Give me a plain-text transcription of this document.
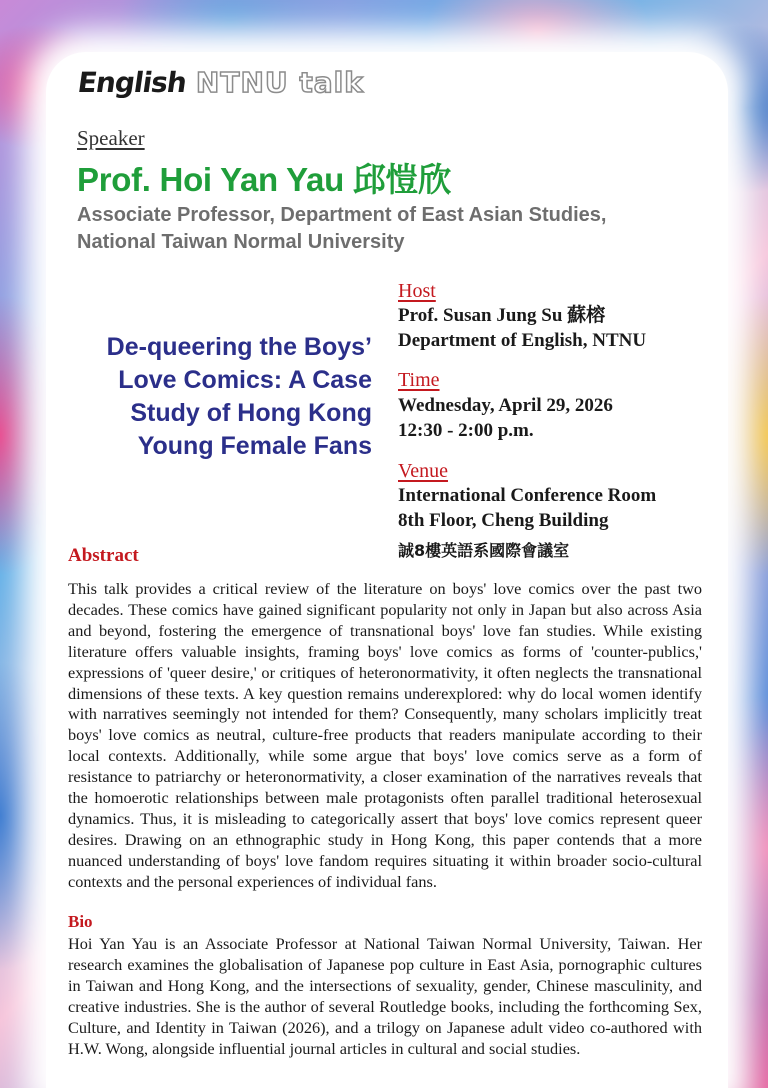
English NTNU talk
Speaker
Prof. Hoi Yan Yau 邱愷欣
Associate Professor, Department of East Asian Studies,
National Taiwan Normal University
De-queering the Boys’
Love Comics: A Case
Study of Hong Kong
Young Female Fans
Host
Prof. Susan Jung Su 蘇榕
Department of English, NTNU
Time
Wednesday, April 29, 2026
12:30 - 2:00 p.m.
Venue
International Conference Room
8th Floor, Cheng Building
誠8樓英語系國際會議室
Abstract

This talk provides a critical review of the literature on boys' love comics over the past two decades. These comics have gained significant popularity not only in Japan but also across Asia and beyond, fostering the emergence of transnational boys' love fan studies. While existing literature offers valuable insights, framing boys' love comics as forms of 'counter-publics,' expressions of 'queer desire,' or critiques of heteronormativity, it often neglects the transnational dimensions of these texts. A key question remains underexplored: why do local women identify with narratives seemingly not intended for them? Consequently, many scholars implicitly treat boys' love comics as neutral, culture-free products that readers manipulate according to their local contexts. Additionally, while some argue that boys' love comics serve as a form of resistance to patriarchy or heteronormativity, a closer examination of the narratives reveals that the homoerotic relationships between male protagonists often parallel traditional heterosexual dynamics. Thus, it is misleading to categorically assert that boys' love comics represent queer desires. Drawing on an ethnographic study in Hong Kong, this paper contends that a more nuanced understanding of boys' love fandom requires situating it within broader socio-cultural contexts and the personal experiences of individual fans.

Bio

Hoi Yan Yau is an Associate Professor at National Taiwan Normal University, Taiwan. Her research examines the globalisation of Japanese pop culture in East Asia, pornographic cultures in Taiwan and Hong Kong, and the intersections of sexuality, gender, Chinese masculinity, and creative industries. She is the author of several Routledge books, including the forthcoming Sex, Culture, and Identity in Taiwan (2026), and a trilogy on Japanese adult video co-authored with H.W. Wong, alongside influential journal articles in cultural and social studies.
